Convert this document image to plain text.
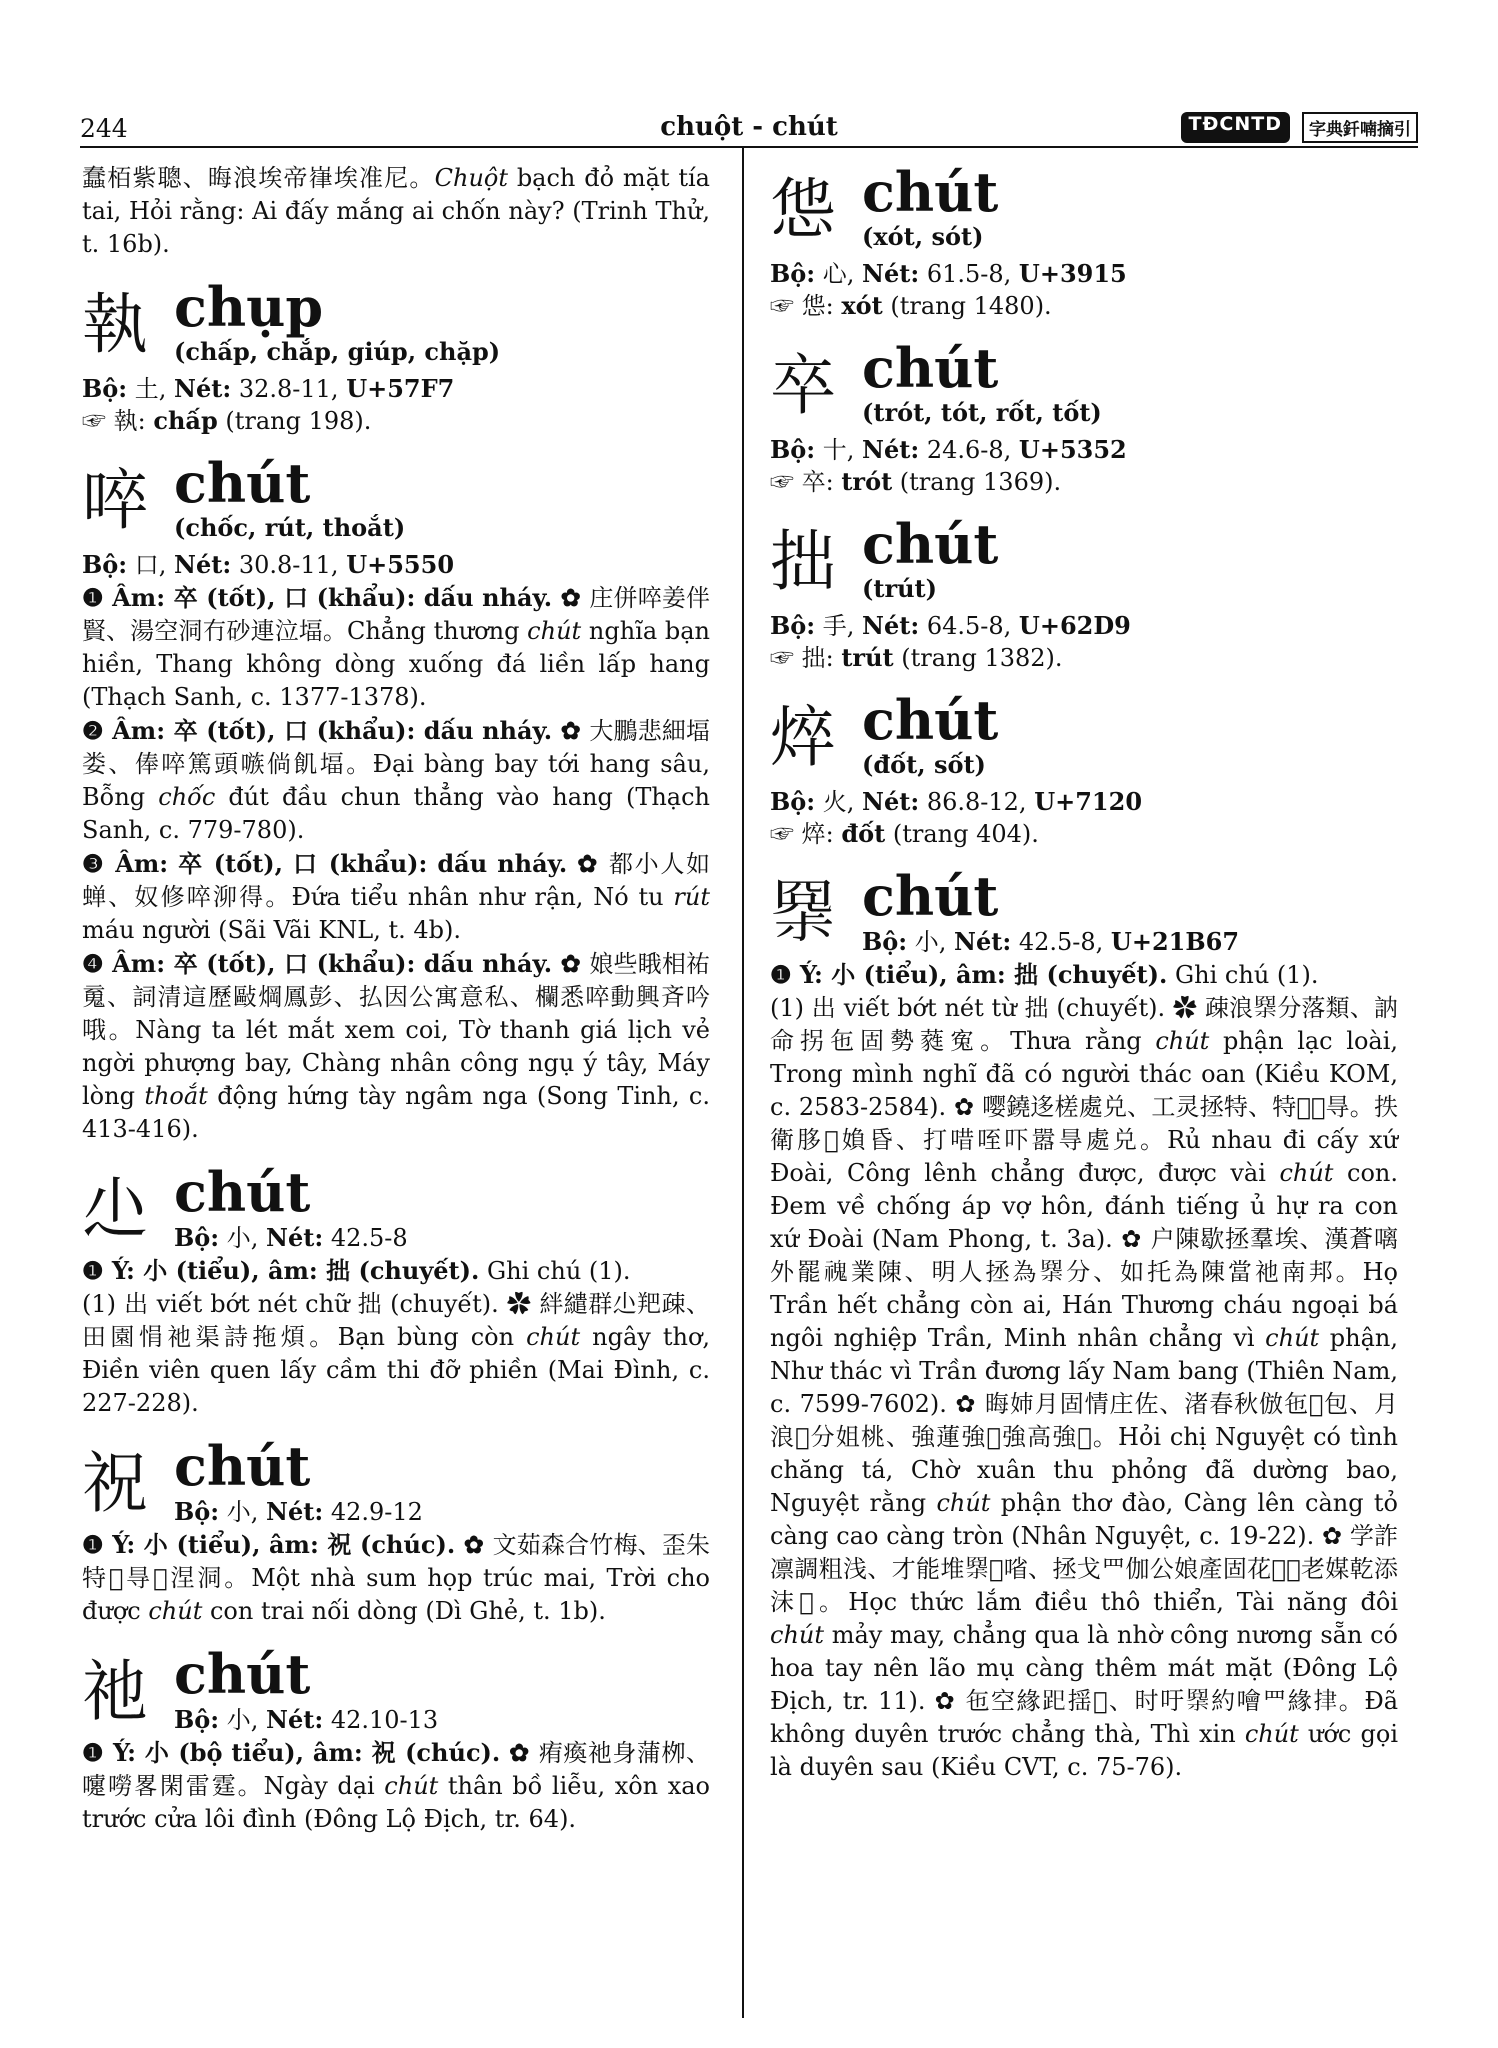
244	chuột - chút	TĐCNTD	字典釺喃摘引

蠢栢紫聰、晦浪埃帝嵂埃准尼。Chuột bạch đỏ mặt tía tai, Hỏi rằng: Ai đấy mắng ai chốn này? (Trinh Thử, t. 16b).

執 chụp
(chấp, chắp, giúp, chặp)
Bộ: 土, Nét: 32.8-11, U+57F7
☞ 執: chấp (trang 198).
啐 chút
(chốc, rút, thoắt)
Bộ: 口, Nét: 30.8-11, U+5550
❶ Âm: 卒 (tốt), 口 (khẩu): dấu nháy. ✿ 庄併啐姜伴賢、湯空洞冇砂連泣堛。Chẳng thương chút nghĩa bạn hiền, Thang không dòng xuống đá liền lấp hang (Thạch Sanh, c. 1377-1378).
❷ Âm: 卒 (tốt), 口 (khẩu): dấu nháy. ✿ 大鵬悲細堛娄、俸啐篤頭嗾倘飢堛。Đại bàng bay tới hang sâu, Bỗng chốc đút đầu chun thẳng vào hang (Thạch Sanh, c. 779-780).
❸ Âm: 卒 (tốt), 口 (khẩu): dấu nháy. ✿ 都小人如蝉、奴修啐泖得。Đứa tiểu nhân như rận, Nó tu rút máu người (Sãi Vãi KNL, t. 4b).
❹ Âm: 卒 (tốt), 口 (khẩu): dấu nháy. ✿ 娘些睋相祐䰟、詞清這歷敺焵鳳彭、払因公寓意私、欄悉啐動興斉吟哦。Nàng ta lét mắt xem coi, Tờ thanh giá lịch vẻ ngời phượng bay, Chàng nhân công ngụ ý tây, Máy lòng thoắt động hứng tày ngâm nga (Song Tinh, c. 413-416).
尐 chút
Bộ: 小, Nét: 42.5-8
❶ Ý: 小 (tiểu), âm: 拙 (chuyết). Ghi chú (1).
(1) 出 viết bớt nét chữ 拙 (chuyết). ✿ 絆繾群尐羓疎、田園悁祂渠詩拖煩。Bạn bùng còn chút ngây thơ, Điền viên quen lấy cầm thi đỡ phiền (Mai Đình, c. 227-228).
祝 chút
Bộ: 小, Nét: 42.9-12
❶ Ý: 小 (tiểu), âm: 祝 (chúc). ✿ 文茹森合竹梅、歪朱特𡮣㝵𡥵涅洞。Một nhà sum họp trúc mai, Trời cho được chút con trai nối dòng (Dì Ghẻ, t. 1b).
祂 chút
Bộ: 小, Nét: 42.10-13
❶ Ý: 小 (bộ tiểu), âm: 祝 (chúc). ✿ 痏瘓祂身蒲栁、嚔嘮畧閑雷霆。Ngày dại chút thân bồ liễu, xôn xao trước cửa lôi đình (Đông Lộ Địch, tr. 64).
怹 chút
(xót, sót)
Bộ: 心, Nét: 61.5-8, U+3915
☞ 怹: xót (trang 1480).
卒 chút
(trót, tót, rốt, tốt)
Bộ: 十, Nét: 24.6-8, U+5352
☞ 卒: trót (trang 1369).
拙 chút
(trút)
Bộ: 手, Nét: 64.5-8, U+62D9
☞ 拙: trút (trang 1382).
焠 chút
(đốt, sốt)
Bộ: 火, Nét: 86.8-12, U+7120
☞ 焠: đốt (trang 404).
𡮧 chút
Bộ: 小, Nét: 42.5-8, U+21B67
❶ Ý: 小 (tiểu), âm: 拙 (chuyết). Ghi chú (1).
(1) 出 viết bớt nét từ 拙 (chuyết). ✿ 疎浪𡮧分落類、訥命拐㐌固勢蕤寃。Thưa rằng chút phận lạc loài, Trong mình nghĩ đã có người thác oan (Kiều KOM, c. 2583-2584). ✿ 嘤鐃迻槎處兑、工灵拯特、特𠃣𡮧㝵。抶衛䏧𢭂媍昏、打唶咥吓嚣㝵處兑。Rủ nhau đi cấy xứ Đoài, Công lênh chẳng được, được vài chút con. Đem về chống áp vợ hôn, đánh tiếng ủ hự ra con xứ Đoài (Nam Phong, t. 3a). ✿ 户陳歇拯羣埃、漢蒼𠻗外罷𩲡業陳、明人拯為𡮧分、如托為陳當祂南邦。Họ Trần hết chẳng còn ai, Hán Thương cháu ngoại bá ngôi nghiệp Trần, Minh nhân chẳng vì chút phận, Như thác vì Trần đương lấy Nam bang (Thiên Nam, c. 7599-7602). ✿ 晦姉月固情庄佐、渚春秋倣㐌𡢐包、月浪𡮧分姐桃、強蓮強𤍶強高強𡇸。Hỏi chị Nguyệt có tình chăng tá, Chờ xuân thu phỏng đã dường bao, Nguyệt rằng chút phận thơ đào, Càng lên càng tỏ càng cao càng tròn (Nhân Nguyệt, c. 19-22). ✿ 学詐凛調粗浅、才能堆𡮧𢬦㗂、拯戈罒伽公娘產固花𢬣𢺺老媒乾添沫𩈘。Học thức lắm điều thô thiển, Tài năng đôi chút mảy may, chẳng qua là nhờ công nương sẵn có hoa tay nên lão mụ càng thêm mát mặt (Đông Lộ Địch, tr. 11). ✿ 㐌空緣𧿆揺𨓡、时吁𡮧約噲罒緣𢫫。Đã không duyên trước chẳng thà, Thì xin chút ước gọi là duyên sau (Kiều CVT, c. 75-76).
